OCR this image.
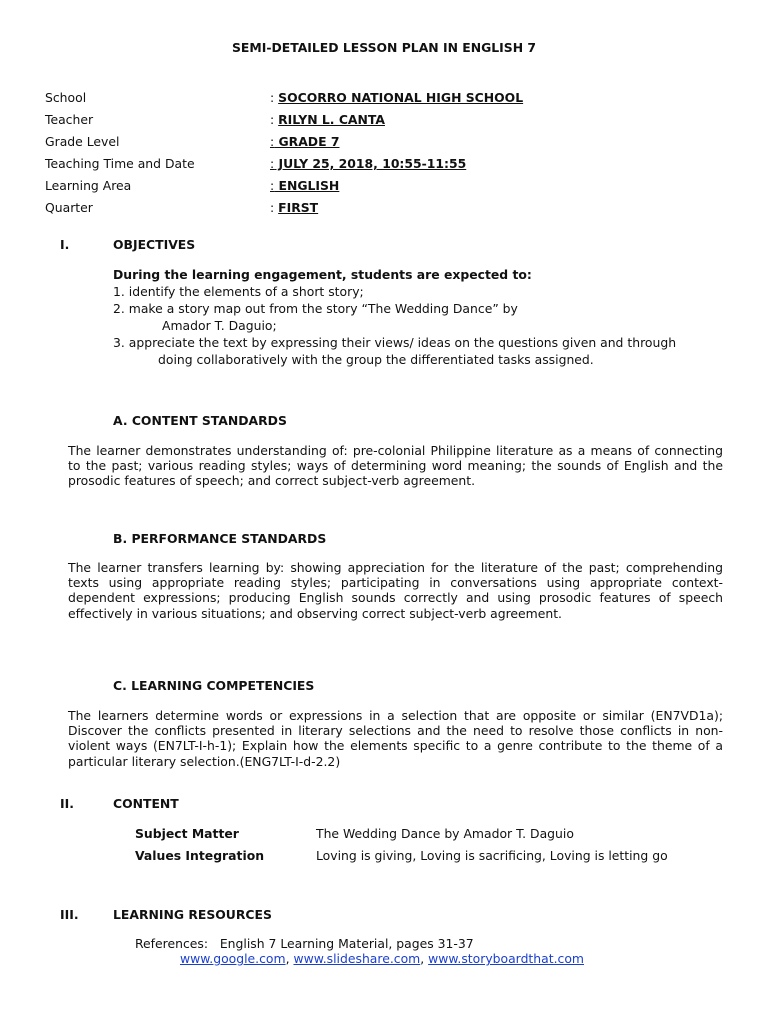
SEMI-DETAILED LESSON PLAN IN ENGLISH 7
School	: SOCORRO NATIONAL HIGH SCHOOL
Teacher	: RILYN L. CANTA
Grade Level	: GRADE 7
Teaching Time and Date	: JULY 25, 2018, 10:55-11:55
Learning Area	: ENGLISH
Quarter	: FIRST
I.	OBJECTIVES
During the learning engagement, students are expected to:
1. identify the elements of a short story;
2. make a story map out from the story “The Wedding Dance” by
Amador T. Daguio;
3. appreciate the text by expressing their views/ ideas on the questions given and through
doing collaboratively with the group the differentiated tasks assigned.
A. CONTENT STANDARDS
The learner demonstrates understanding of: pre-colonial Philippine literature as a means of connecting to the past; various reading styles; ways of determining word meaning; the sounds of English and the prosodic features of speech; and correct subject-verb agreement.
B. PERFORMANCE STANDARDS
The learner transfers learning by: showing appreciation for the literature of the past; comprehending texts using appropriate reading styles; participating in conversations using appropriate context-dependent expressions; producing English sounds correctly and using prosodic features of speech effectively in various situations; and observing correct subject-verb agreement.
C. LEARNING COMPETENCIES
The learners determine words or expressions in a selection that are opposite or similar (EN7VD1a); Discover the conflicts presented in literary selections and the need to resolve those conflicts in non-violent ways (EN7LT-I-h-1); Explain how the elements specific to a genre contribute to the theme of a particular literary selection.(ENG7LT-I-d-2.2)
II.	CONTENT
Subject Matter	The Wedding Dance by Amador T. Daguio
Values Integration	Loving is giving, Loving is sacrificing, Loving is letting go
III.	LEARNING RESOURCES
References:   English 7 Learning Material, pages 31-37
www.google.com, www.slideshare.com, www.storyboardthat.com
